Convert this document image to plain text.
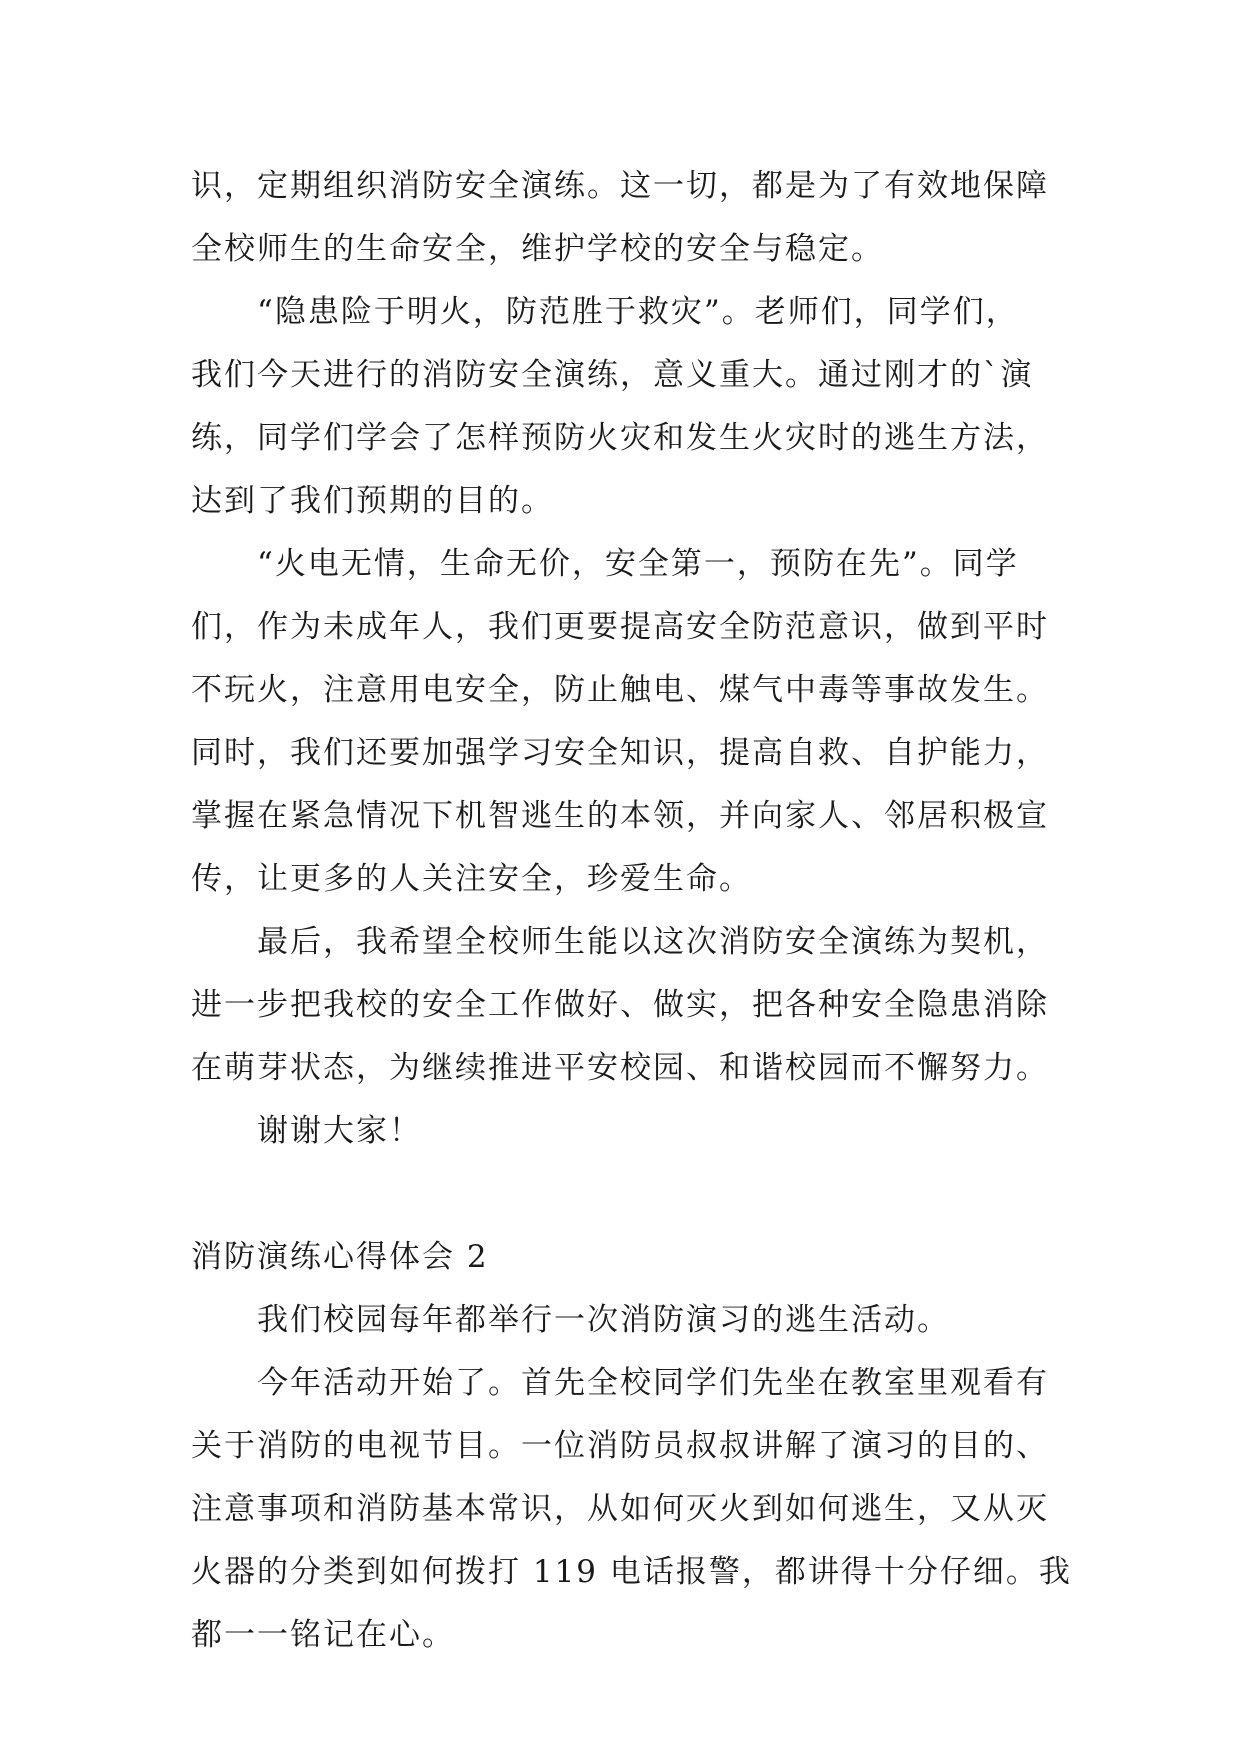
识，定期组织消防安全演练。这一切，都是为了有效地保障
全校师生的生命安全，维护学校的安全与稳定。
“隐患险于明火，防范胜于救灾”。老师们，同学们，
我们今天进行的消防安全演练，意义重大。通过刚才的`演
练，同学们学会了怎样预防火灾和发生火灾时的逃生方法，
达到了我们预期的目的。
“火电无情，生命无价，安全第一，预防在先”。同学
们，作为未成年人，我们更要提高安全防范意识，做到平时
不玩火，注意用电安全，防止触电、煤气中毒等事故发生。
同时，我们还要加强学习安全知识，提高自救、自护能力，
掌握在紧急情况下机智逃生的本领，并向家人、邻居积极宣
传，让更多的人关注安全，珍爱生命。
最后，我希望全校师生能以这次消防安全演练为契机，
进一步把我校的安全工作做好、做实，把各种安全隐患消除
在萌芽状态，为继续推进平安校园、和谐校园而不懈努力。
谢谢大家！
消防演练心得体会 2
我们校园每年都举行一次消防演习的逃生活动。
今年活动开始了。首先全校同学们先坐在教室里观看有
关于消防的电视节目。一位消防员叔叔讲解了演习的目的、
注意事项和消防基本常识，从如何灭火到如何逃生，又从灭
火器的分类到如何拨打 119 电话报警，都讲得十分仔细。我
都一一铭记在心。
